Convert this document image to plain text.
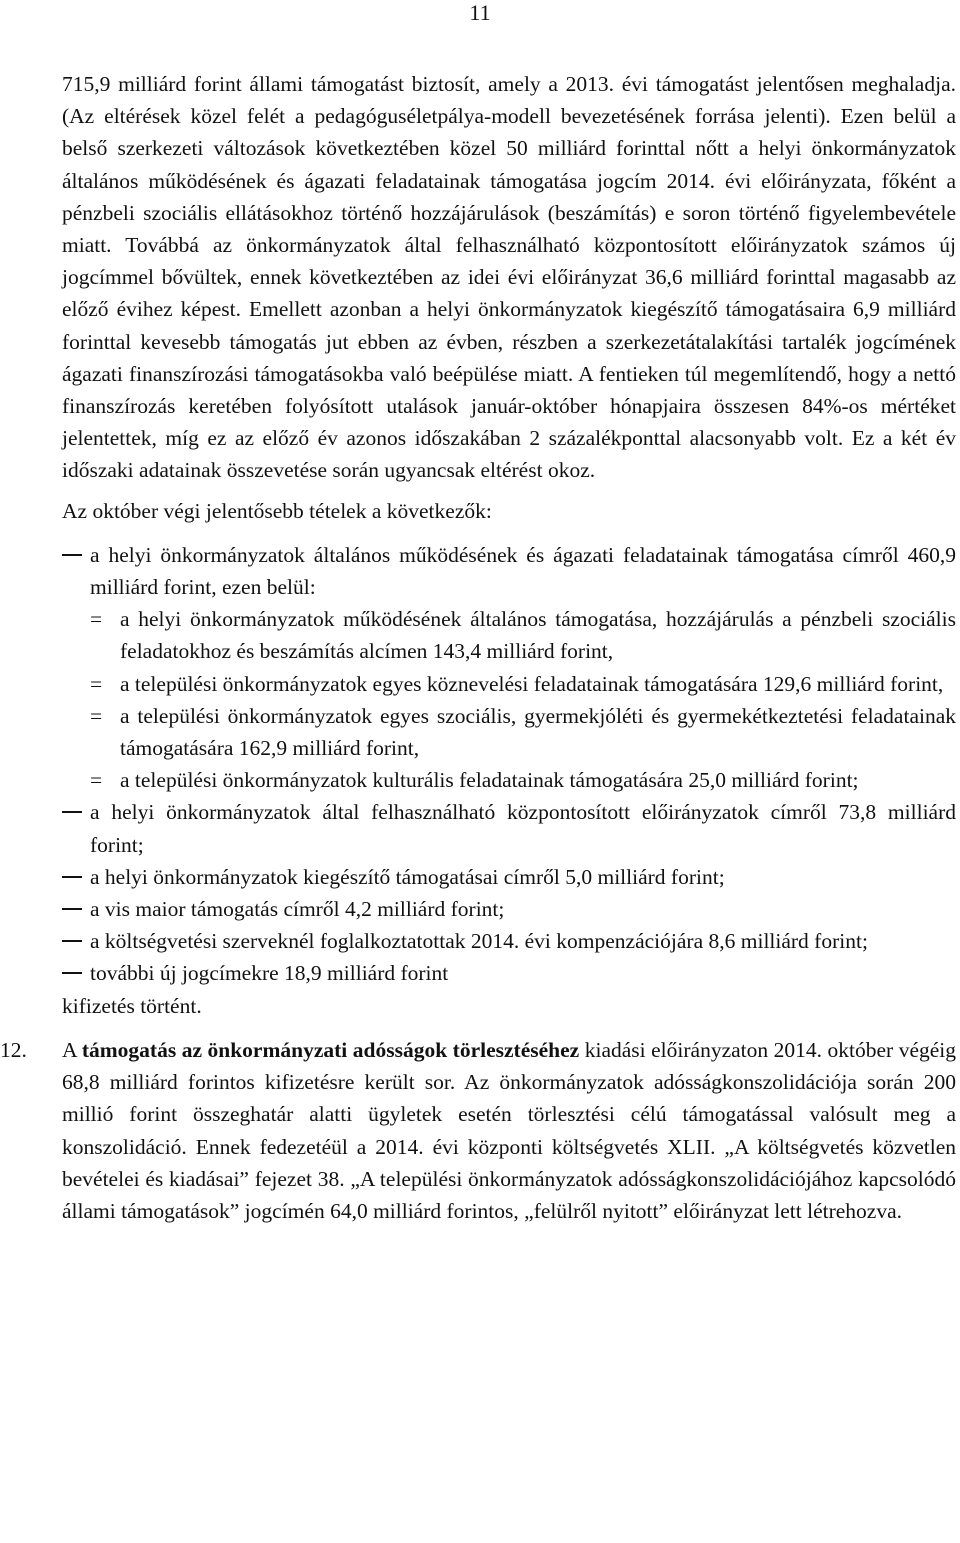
11

715,9 milliárd forint állami támogatást biztosít, amely a 2013. évi támogatást jelentősen meghaladja. (Az eltérések közel felét a pedagóguséletpálya-modell bevezetésének forrása jelenti). Ezen belül a belső szerkezeti változások következtében közel 50 milliárd forinttal nőtt a helyi önkormányzatok általános működésének és ágazati feladatainak támogatása jogcím 2014. évi előirányzata, főként a pénzbeli szociális ellátásokhoz történő hozzájárulások (beszámítás) e soron történő figyelembevétele miatt. Továbbá az önkormányzatok által felhasználható központosított előirányzatok számos új jogcímmel bővültek, ennek következtében az idei évi előirányzat 36,6 milliárd forinttal magasabb az előző évihez képest. Emellett azonban a helyi önkormányzatok kiegészítő támogatásaira 6,9 milliárd forinttal kevesebb támogatás jut ebben az évben, részben a szerkezetátalakítási tartalék jogcímének ágazati finanszírozási támogatásokba való beépülése miatt. A fentieken túl megemlítendő, hogy a nettó finanszírozás keretében folyósított utalások január-október hónapjaira összesen 84%-os mértéket jelentettek, míg ez az előző év azonos időszakában 2 százalékponttal alacsonyabb volt. Ez a két év időszaki adatainak összevetése során ugyancsak eltérést okoz.

Az október végi jelentősebb tételek a következők:

a helyi önkormányzatok általános működésének és ágazati feladatainak támogatása címről 460,9 milliárd forint, ezen belül:
= a helyi önkormányzatok működésének általános támogatása, hozzájárulás a pénzbeli szociális feladatokhoz és beszámítás alcímen 143,4 milliárd forint,
= a települési önkormányzatok egyes köznevelési feladatainak támogatására 129,6 milliárd forint,
= a települési önkormányzatok egyes szociális, gyermekjóléti és gyermekétkeztetési feladatainak támogatására 162,9 milliárd forint,
= a települési önkormányzatok kulturális feladatainak támogatására 25,0 milliárd forint;
a helyi önkormányzatok által felhasználható központosított előirányzatok címről 73,8 milliárd forint;
a helyi önkormányzatok kiegészítő támogatásai címről 5,0 milliárd forint;
a vis maior támogatás címről 4,2 milliárd forint;
a költségvetési szerveknél foglalkoztatottak 2014. évi kompenzációjára 8,6 milliárd forint;
további új jogcímekre 18,9 milliárd forint

kifizetés történt.

12.	A támogatás az önkormányzati adósságok törlesztéséhez kiadási előirányzaton 2014. október végéig 68,8 milliárd forintos kifizetésre került sor. Az önkormányzatok adósságkonszolidációja során 200 millió forint összeghatár alatti ügyletek esetén törlesztési célú támogatással valósult meg a konszolidáció. Ennek fedezetéül a 2014. évi központi költségvetés XLII. „A költségvetés közvetlen bevételei és kiadásai” fejezet 38. „A települési önkormányzatok adósságkonszolidációjához kapcsolódó állami támogatások” jogcímén 64,0 milliárd forintos, „felülről nyitott” előirányzat lett létrehozva.
